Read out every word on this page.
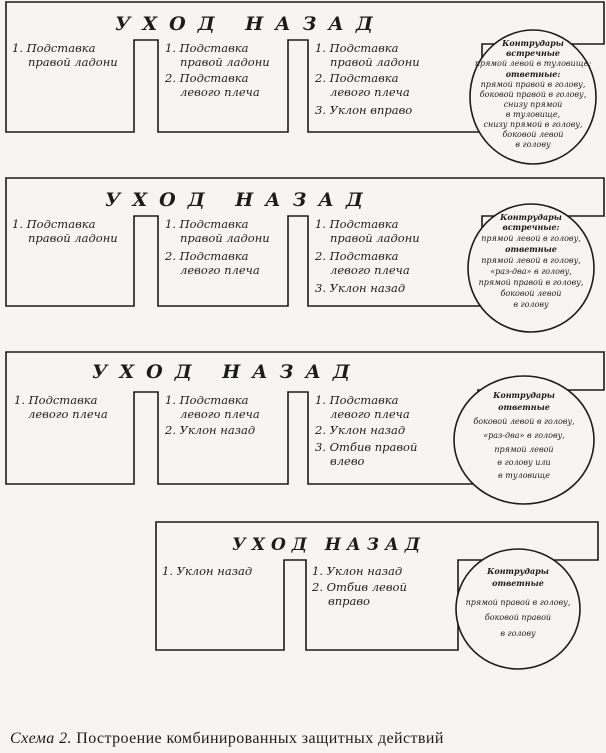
УХОД НАЗАД
1. Подставка
правой ладони
1. Подставка
правой ладони
2. Подставка
левого плеча
1. Подставка
правой ладони
2. Подставка
левого плеча
3. Уклон вправо
Контрудары
встречные
прямой левой в туловище;
ответные:
прямой правой в голову,
боковой правой в голову,
снизу прямой
в туловище,
снизу прямой в голову,
боковой левой
в голову
УХОД НАЗАД
1. Подставка
правой ладони
1. Подставка
правой ладони
2. Подставка
левого плеча
1. Подставка
правой ладони
2. Подставка
левого плеча
3. Уклон назад
Контрудары
встречные:
прямой левой в голову,
ответные
прямой левой в голову,
«раз-два» в голову,
прямой правой в голову,
боковой левой
в голову
УХОД НАЗАД
1. Подставка
левого плеча
1. Подставка
левого плеча
2. Уклон назад
1. Подставка
левого плеча
2. Уклон назад
3. Отбив правой
влево
Контрудары
ответные
боковой левой в голову,
«раз-два» в голову,
прямой левой
в голову или
в туловище
УХОД НАЗАД
1. Уклон назад	1. Уклон назад
2. Отбив левой
вправо
Контрудары
ответные
прямой правой в голову,
боковой правой
в голову
Схема 2. Построение комбинированных защитных действий
